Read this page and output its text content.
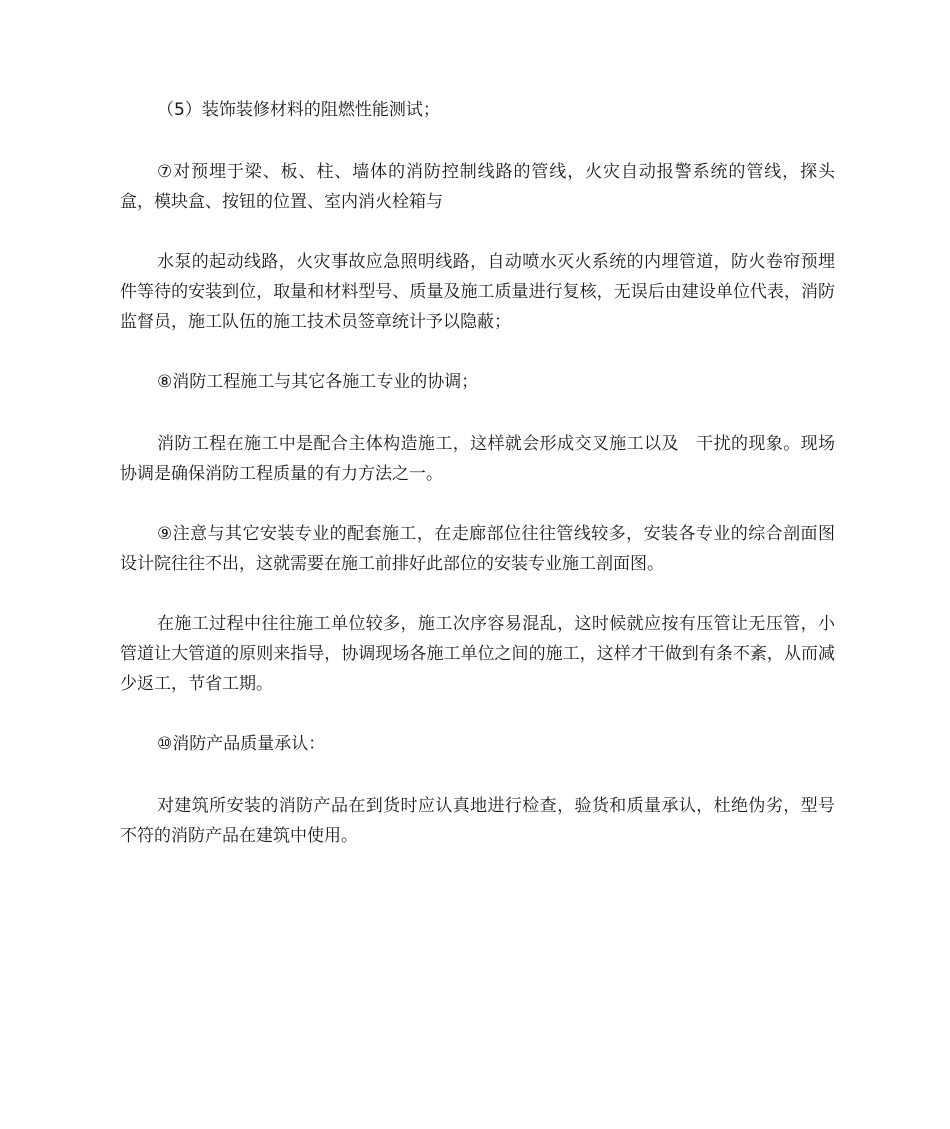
（5）装饰装修材料的阻燃性能测试；

⑦对预埋于梁、板、柱、墙体的消防控制线路的管线，火灾自动报警系统的管线，探头盒，模块盒、按钮的位置、室内消火栓箱与

水泵的起动线路，火灾事故应急照明线路，自动喷水灭火系统的内埋管道，防火卷帘预埋件等待的安装到位，取量和材料型号、质量及施工质量进行复核，无误后由建设单位代表，消防监督员，施工队伍的施工技术员签章统计予以隐蔽；

⑧消防工程施工与其它各施工专业的协调；

消防工程在施工中是配合主体构造施工，这样就会形成交叉施工以及　干扰的现象。现场协调是确保消防工程质量的有力方法之一。

⑨注意与其它安装专业的配套施工，在走廊部位往往管线较多，安装各专业的综合剖面图设计院往往不出，这就需要在施工前排好此部位的安装专业施工剖面图。

在施工过程中往往施工单位较多，施工次序容易混乱，这时候就应按有压管让无压管，小管道让大管道的原则来指导，协调现场各施工单位之间的施工，这样才干做到有条不紊，从而减少返工，节省工期。

⑩消防产品质量承认：

对建筑所安装的消防产品在到货时应认真地进行检查，验货和质量承认，杜绝伪劣，型号不符的消防产品在建筑中使用。
